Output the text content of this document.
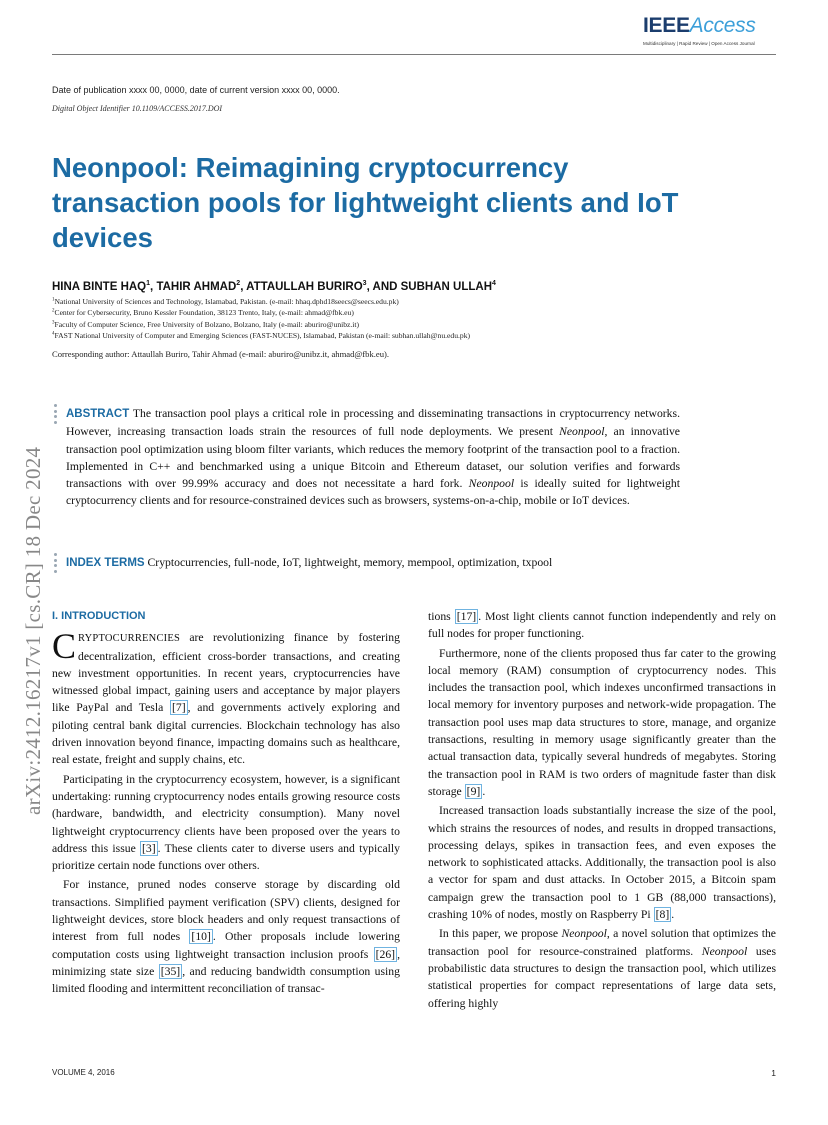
IEEEAccess
Multidisciplinary | Rapid Review | Open Access Journal
Date of publication xxxx 00, 0000, date of current version xxxx 00, 0000.
Digital Object Identifier 10.1109/ACCESS.2017.DOI
Neonpool: Reimagining cryptocurrency transaction pools for lightweight clients and IoT devices
arXiv:2412.16217v1 [cs.CR] 18 Dec 2024
HINA BINTE HAQ$^1$, TAHIR AHMAD$^2$, ATTAULLAH BURIRO$^3$, AND SUBHAN ULLAH$^4$
$^1$National University of Sciences and Technology, Islamabad, Pakistan. (e-mail: hhaq.dphd18seecs@seecs.edu.pk)
$^2$Center for Cybersecurity, Bruno Kessler Foundation, 38123 Trento, Italy, (e-mail: ahmad@fbk.eu)
$^3$Faculty of Computer Science, Free University of Bolzano, Bolzano, Italy (e-mail: aburiro@unibz.it)
$^4$FAST National University of Computer and Emerging Sciences (FAST-NUCES), Islamabad, Pakistan (e-mail: subhan.ullah@nu.edu.pk)
Corresponding author: Attaullah Buriro, Tahir Ahmad (e-mail: aburiro@unibz.it, ahmad@fbk.eu).
ABSTRACT The transaction pool plays a critical role in processing and disseminating transactions in cryptocurrency networks. However, increasing transaction loads strain the resources of full node deployments. We present Neonpool, an innovative transaction pool optimization using bloom filter variants, which reduces the memory footprint of the transaction pool to a fraction. Implemented in C++ and benchmarked using a unique Bitcoin and Ethereum dataset, our solution verifies and forwards transactions with over 99.99% accuracy and does not necessitate a hard fork. Neonpool is ideally suited for lightweight cryptocurrency clients and for resource-constrained devices such as browsers, systems-on-a-chip, mobile or IoT devices.
INDEX TERMS Cryptocurrencies, full-node, IoT, lightweight, memory, mempool, optimization, txpool
I. INTRODUCTION

CRYPTOCURRENCIES are revolutionizing finance by fostering decentralization, efficient cross-border transactions, and creating new investment opportunities. In recent years, cryptocurrencies have witnessed global impact, gaining users and acceptance by major players like PayPal and Tesla [7] , and governments actively exploring and piloting central bank digital currencies. Blockchain technology has also driven innovation beyond finance, impacting domains such as healthcare, real estate, freight and supply chains, etc.

Participating in the cryptocurrency ecosystem, however, is a significant undertaking: running cryptocurrency nodes entails growing resource costs (hardware, bandwidth, and electricity consumption). Many novel lightweight cryptocurrency clients have been proposed over the years to address this issue [3] . These clients cater to diverse users and typically prioritize certain node functions over others.

For instance, pruned nodes conserve storage by discarding old transactions. Simplified payment verification (SPV) clients, designed for lightweight devices, store block headers and only request transactions of interest from full nodes [10] . Other proposals include lowering computation costs using lightweight transaction inclusion proofs [26] , minimizing state size [35] , and reducing bandwidth consumption using limited flooding and intermittent reconciliation of transac-

tions [17] . Most light clients cannot function independently and rely on full nodes for proper functioning.

Furthermore, none of the clients proposed thus far cater to the growing local memory (RAM) consumption of cryptocurrency nodes. This includes the transaction pool, which indexes unconfirmed transactions in local memory for inventory purposes and network-wide propagation. The transaction pool uses map data structures to store, manage, and organize transactions, resulting in memory usage significantly greater than the actual transaction data, typically several hundreds of megabytes. Storing the transaction pool in RAM is two orders of magnitude faster than disk storage [9] .

Increased transaction loads substantially increase the size of the pool, which strains the resources of nodes, and results in dropped transactions, processing delays, spikes in transaction fees, and even exposes the network to sophisticated attacks. Additionally, the transaction pool is also a vector for spam and dust attacks. In October 2015, a Bitcoin spam campaign grew the transaction pool to 1 GB (88,000 transactions), crashing 10% of nodes, mostly on Raspberry Pi [8] .

In this paper, we propose Neonpool, a novel solution that optimizes the transaction pool for resource-constrained platforms. Neonpool uses probabilistic data structures to design the transaction pool, which utilizes statistical properties for compact representations of large data sets, offering highly

VOLUME 4, 2016	1
